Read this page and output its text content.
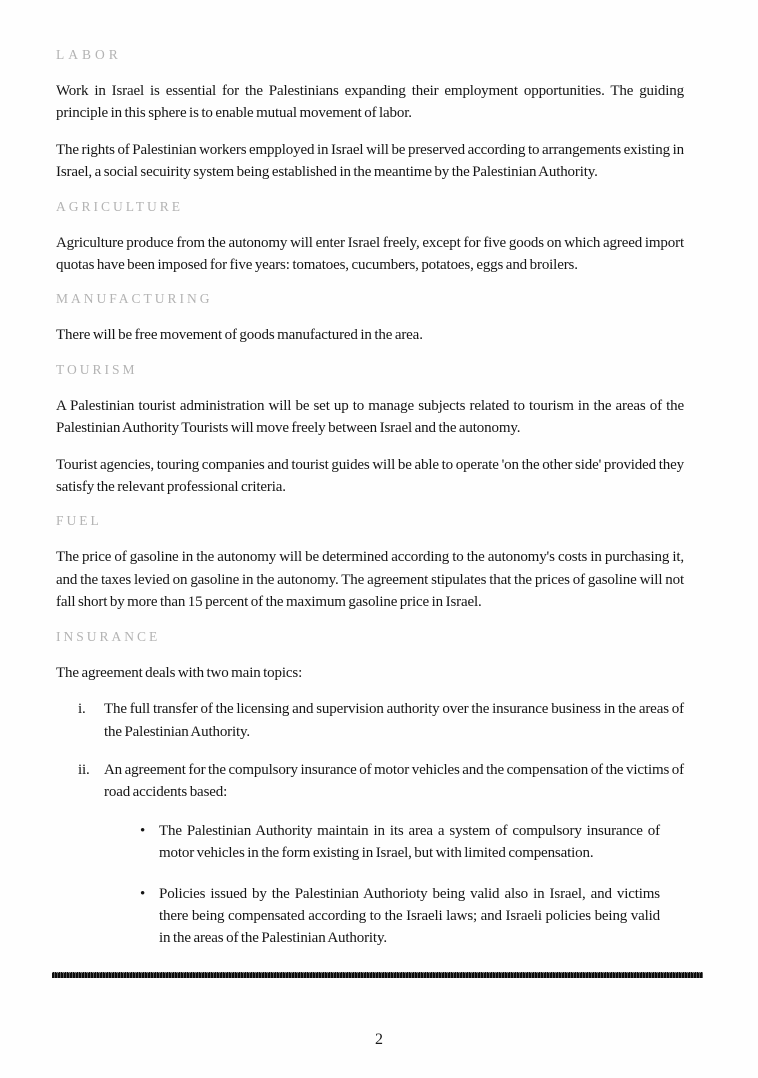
LABOR

Work in Israel is essential for the Palestinians expanding their employment opportunities. The guiding principle in this sphere is to enable mutual movement of labor.

The rights of Palestinian workers empployed in Israel will be preserved according to arrangements existing in Israel, a social secuirity system being established in the meantime by the Palestinian Authority.

AGRICULTURE

Agriculture produce from the autonomy will enter Israel freely, except for five goods on which agreed import quotas have been imposed for five years: tomatoes, cucumbers, potatoes, eggs and broilers.

MANUFACTURING

There will be free movement of goods manufactured in the area.

TOURISM

A Palestinian tourist administration will be set up to manage subjects related to tourism in the areas of the Palestinian Authority Tourists will move freely between Israel and the autonomy.

Tourist agencies, touring companies and tourist guides will be able to operate 'on the other side' provided they satisfy the relevant professional criteria.

FUEL

The price of gasoline in the autonomy will be determined according to the autonomy's costs in purchasing it, and the taxes levied on gasoline in the autonomy. The agreement stipulates that the prices of gasoline will not fall short by more than 15 percent of the maximum gasoline price in Israel.

INSURANCE

The agreement deals with two main topics:

i.	The full transfer of the licensing and supervision authority over the insurance business in the areas of the Palestinian Authority.
ii. An agreement for the compulsory insurance of motor vehicles and the compensation of the victims of road accidents based:
• The Palestinian Authority maintain in its area a system of compulsory insurance of motor vehicles in the form existing in Israel, but with limited compensation.
• Policies issued by the Palestinian Authorioty being valid also in Israel, and victims there being compensated according to the Israeli laws; and Israeli policies being valid in the areas of the Palestinian Authority.
2
